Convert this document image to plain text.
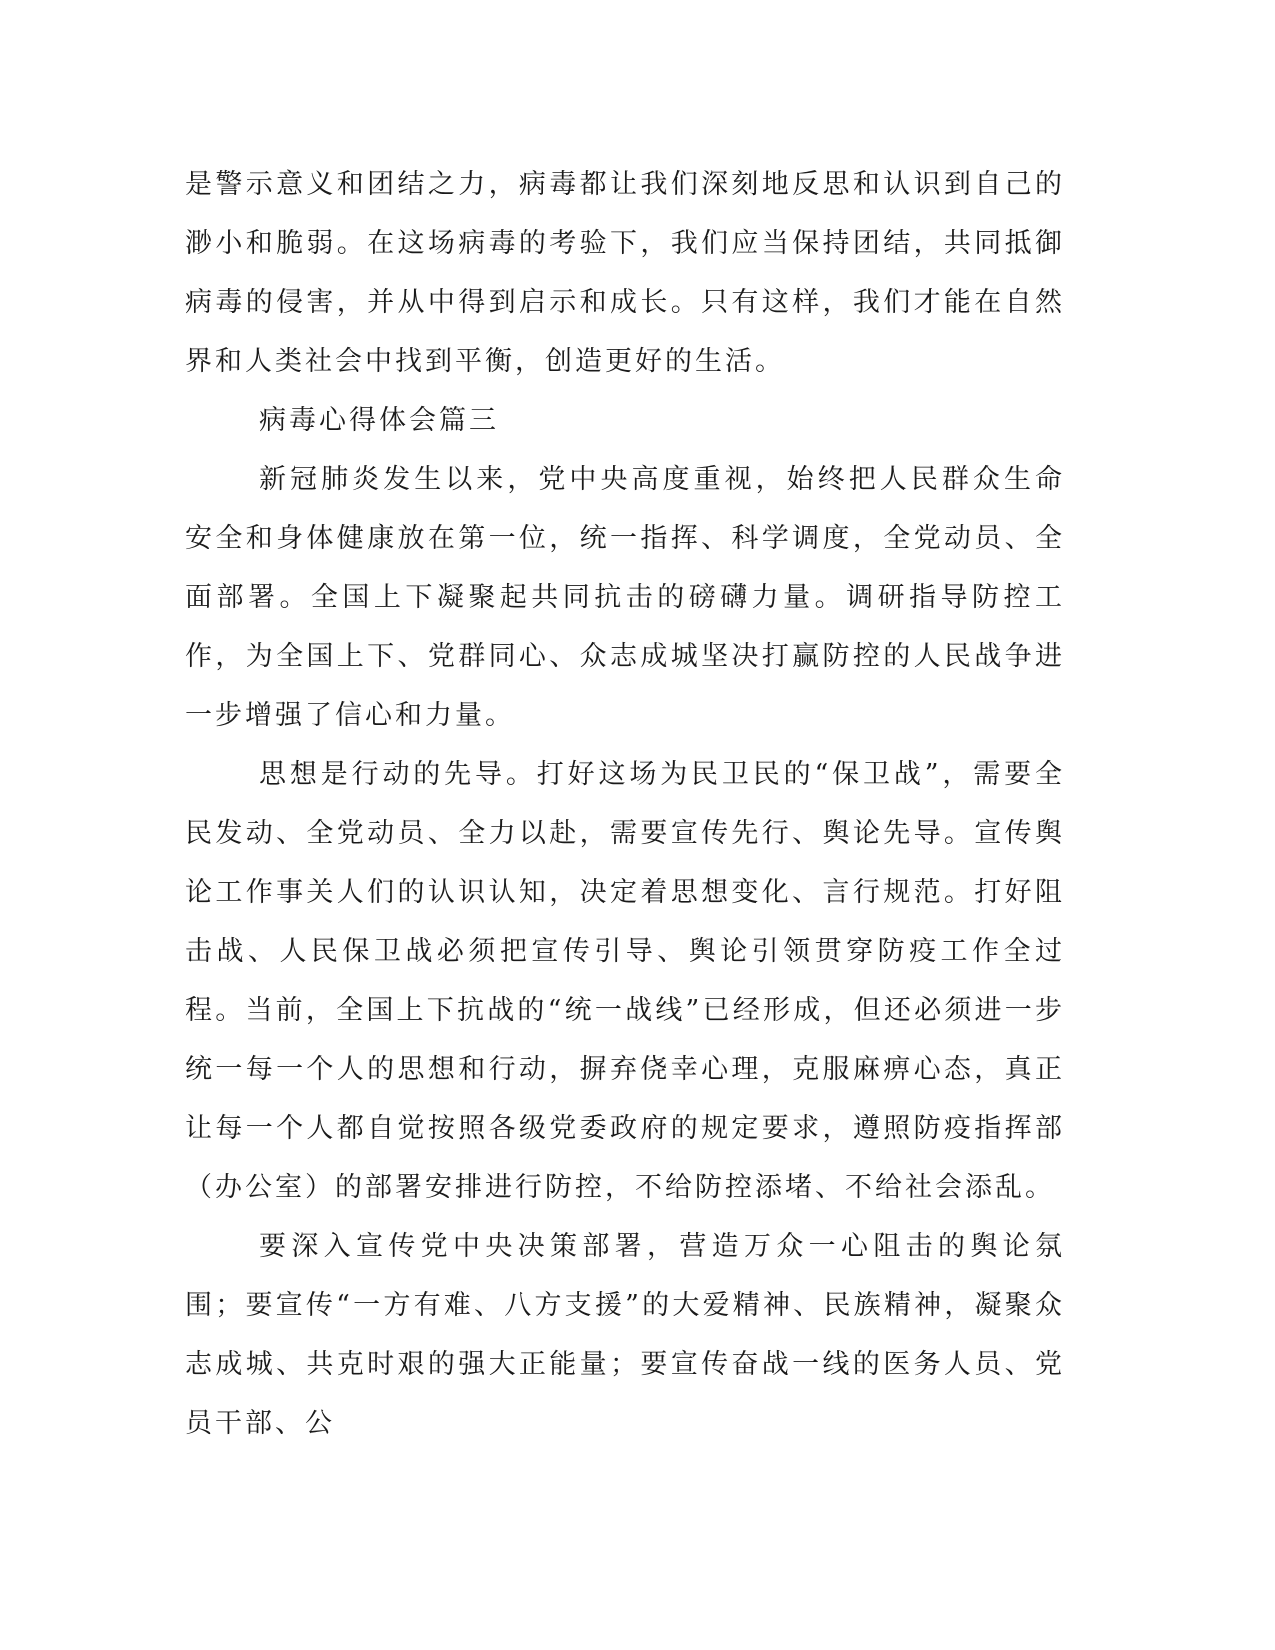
是警示意义和团结之力，病毒都让我们深刻地反思和认识到自己的渺小和脆弱。在这场病毒的考验下，我们应当保持团结，共同抵御病毒的侵害，并从中得到启示和成长。只有这样，我们才能在自然界和人类社会中找到平衡，创造更好的生活。

病毒心得体会篇三

新冠肺炎发生以来，党中央高度重视，始终把人民群众生命安全和身体健康放在第一位，统一指挥、科学调度，全党动员、全面部署。全国上下凝聚起共同抗击的磅礴力量。调研指导防控工作，为全国上下、党群同心、众志成城坚决打赢防控的人民战争进一步增强了信心和力量。

思想是行动的先导。打好这场为民卫民的“保卫战”，需要全民发动、全党动员、全力以赴，需要宣传先行、舆论先导。宣传舆论工作事关人们的认识认知，决定着思想变化、言行规范。打好阻击战、人民保卫战必须把宣传引导、舆论引领贯穿防疫工作全过程。当前，全国上下抗战的“统一战线”已经形成，但还必须进一步统一每一个人的思想和行动，摒弃侥幸心理，克服麻痹心态，真正让每一个人都自觉按照各级党委政府的规定要求，遵照防疫指挥部（办公室）的部署安排进行防控，不给防控添堵、不给社会添乱。

要深入宣传党中央决策部署，营造万众一心阻击的舆论氛围；要宣传“一方有难、八方支援”的大爱精神、民族精神，凝聚众志成城、共克时艰的强大正能量；要宣传奋战一线的医务人员、党员干部、公
